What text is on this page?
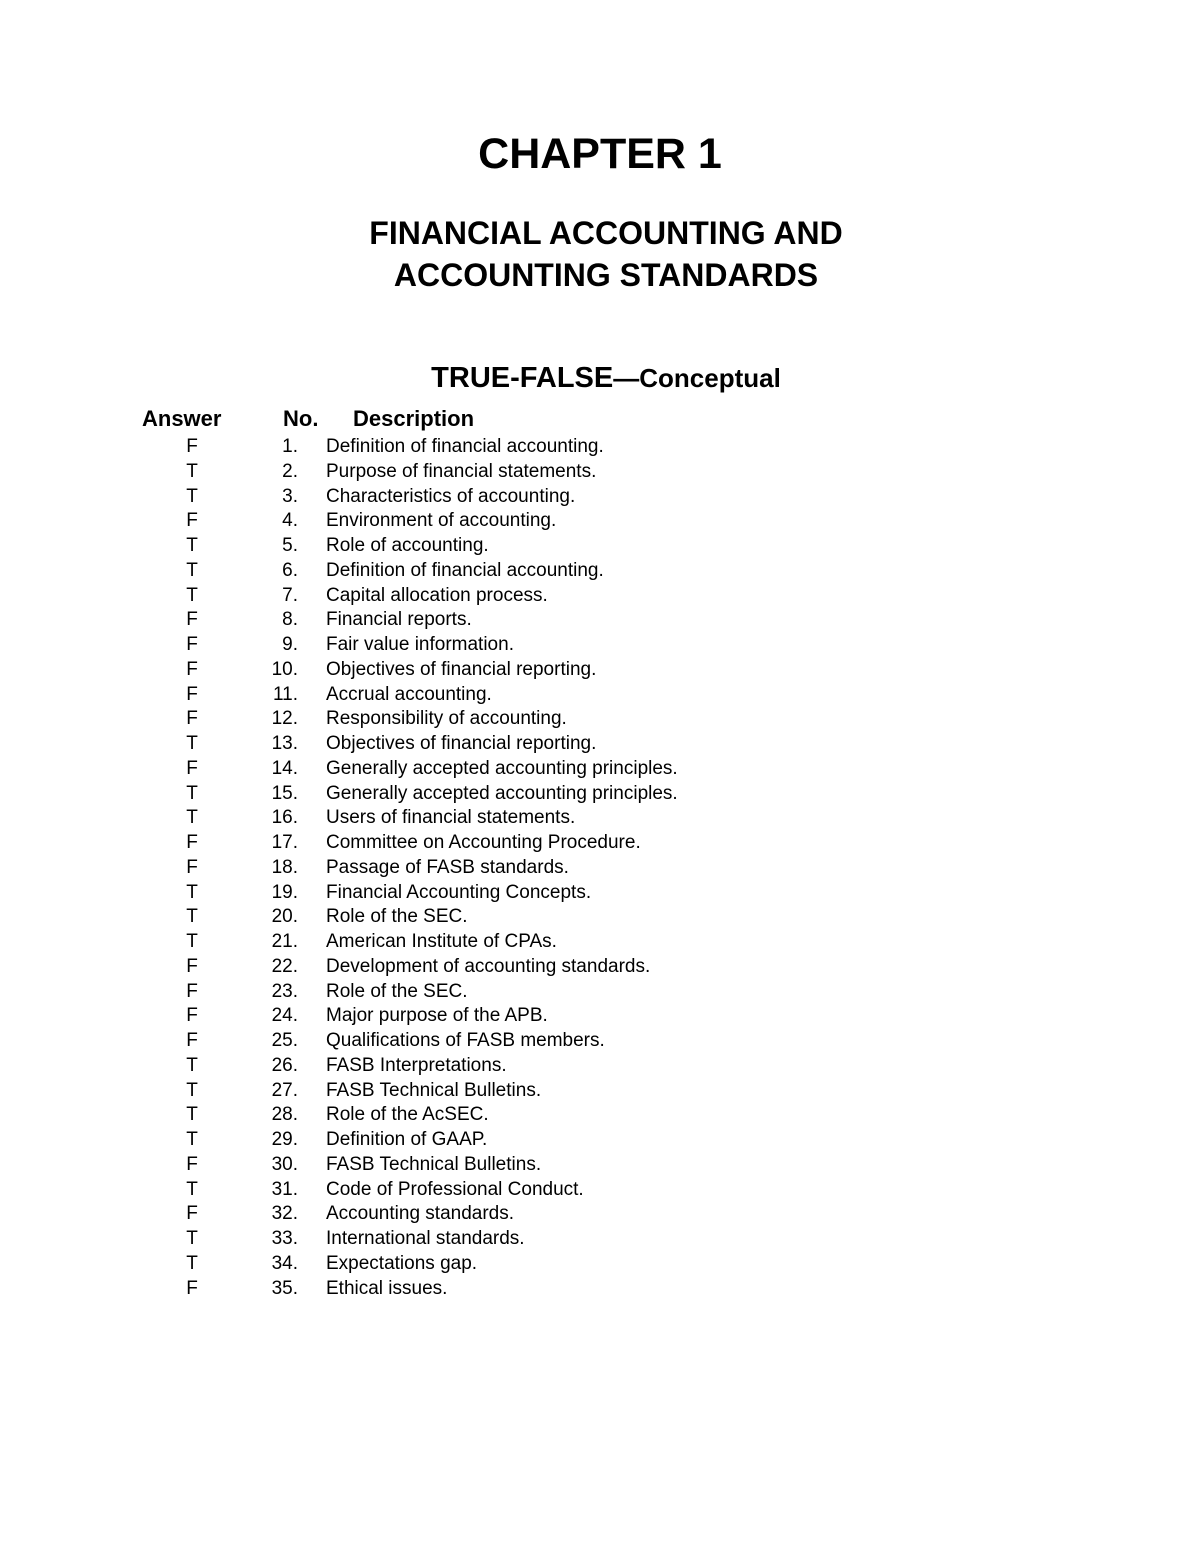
CHAPTER 1
FINANCIAL ACCOUNTING AND
ACCOUNTING STANDARDS
TRUE-FALSE—Conceptual
Answer	No. Description
F	1. Definition of financial accounting.
T	2. Purpose of financial statements.
T	3. Characteristics of accounting.
F	4. Environment of accounting.
T	5. Role of accounting.
T	6. Definition of financial accounting.
T	7. Capital allocation process.
F	8. Financial reports.
F	9. Fair value information.
F	10. Objectives of financial reporting.
F	11. Accrual accounting.
F	12. Responsibility of accounting.
T	13. Objectives of financial reporting.
F	14. Generally accepted accounting principles.
T	15. Generally accepted accounting principles.
T	16. Users of financial statements.
F	17. Committee on Accounting Procedure.
F	18. Passage of FASB standards.
T	19. Financial Accounting Concepts.
T	20. Role of the SEC.
T	21. American Institute of CPAs.
F	22. Development of accounting standards.
F	23. Role of the SEC.
F	24. Major purpose of the APB.
F	25. Qualifications of FASB members.
T	26. FASB Interpretations.
T	27. FASB Technical Bulletins.
T	28. Role of the AcSEC.
T	29. Definition of GAAP.
F	30. FASB Technical Bulletins.
T	31. Code of Professional Conduct.
F	32. Accounting standards.
T	33. International standards.
T	34. Expectations gap.
F	35. Ethical issues.
